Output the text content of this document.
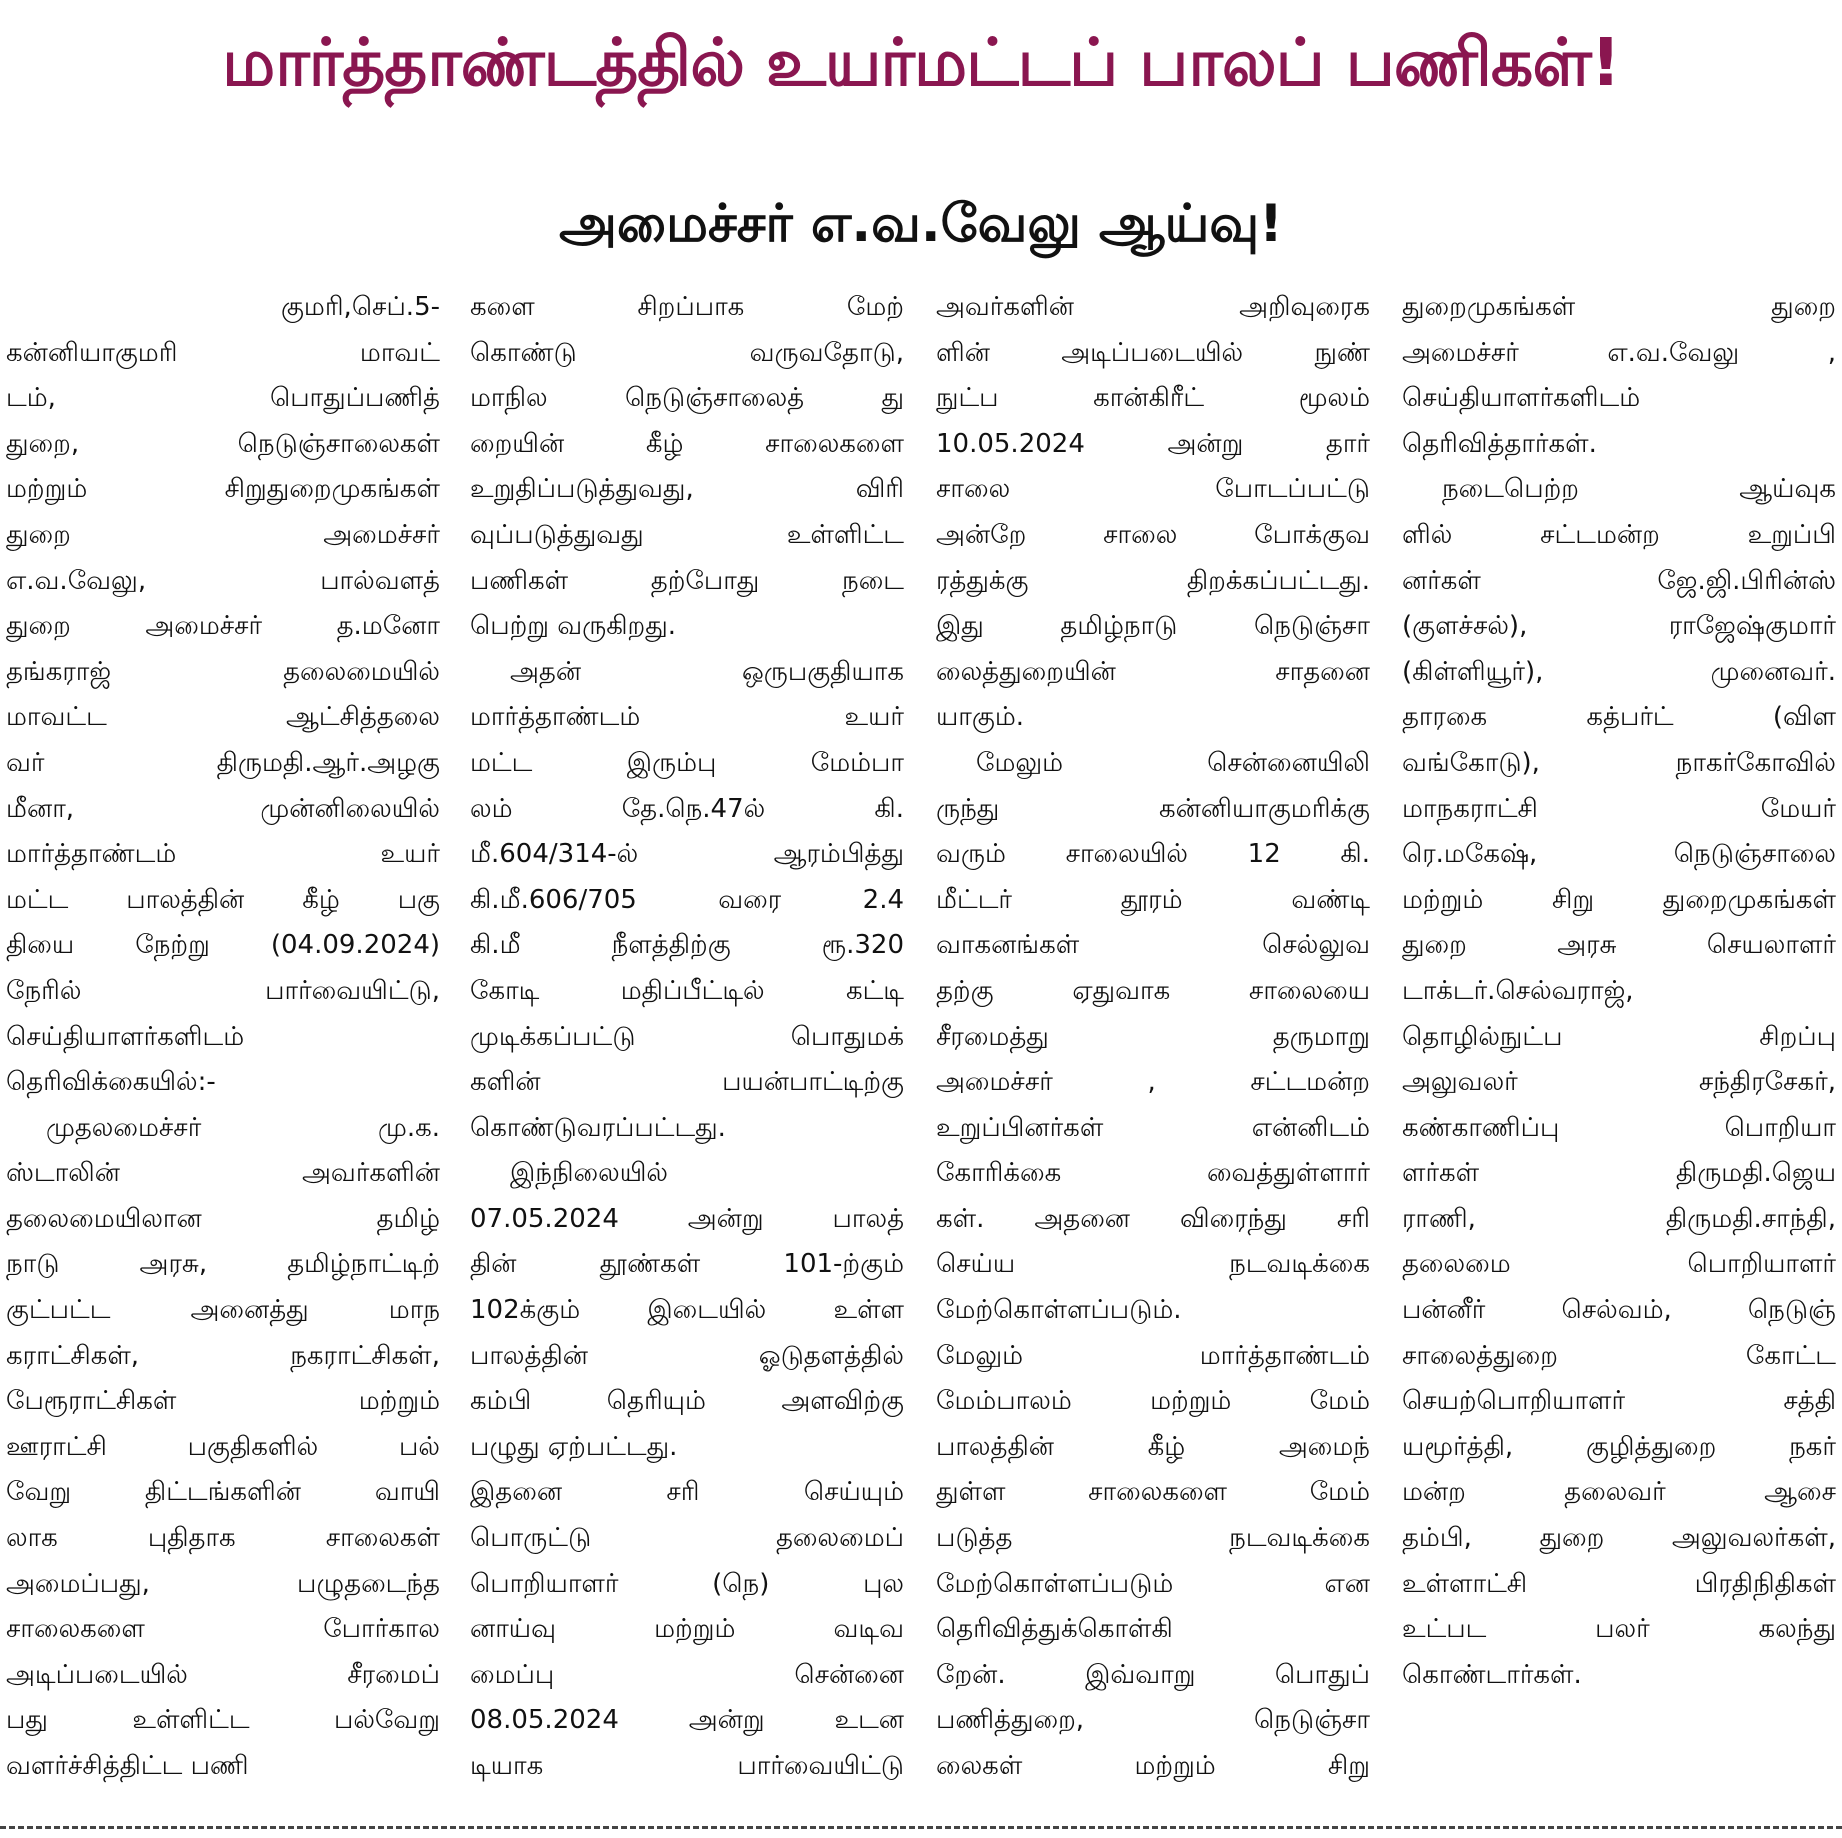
மார்த்தாண்டத்தில் உயர்மட்டப் பாலப் பணிகள்!
அமைச்சர் எ.வ.வேலு ஆய்வு!
குமரி,செப்.5-
கன்னியாகுமரி மாவட்
டம், பொதுப்பணித்
துறை, நெடுஞ்சாலைகள்
மற்றும் சிறுதுறைமுகங்கள்
துறை அமைச்சர்
எ.வ.வேலு, பால்வளத்
துறை அமைச்சர் த.மனோ
தங்கராஜ் தலைமையில்
மாவட்ட ஆட்சித்தலை
வர் திருமதி.ஆர்.அழகு
மீனா, முன்னிலையில்
மார்த்தாண்டம் உயர்
மட்ட பாலத்தின் கீழ் பகு
தியை நேற்று (04.09.2024)
நேரில் பார்வையிட்டு,
செய்தியாளர்களிடம்
தெரிவிக்கையில்:-
முதலமைச்சர் மு.க.
ஸ்டாலின் அவர்களின்
தலைமையிலான தமிழ்
நாடு அரசு, தமிழ்நாட்டிற்
குட்பட்ட அனைத்து மாந
கராட்சிகள், நகராட்சிகள்,
பேரூராட்சிகள் மற்றும்
ஊராட்சி பகுதிகளில் பல்
வேறு திட்டங்களின் வாயி
லாக புதிதாக சாலைகள்
அமைப்பது, பழுதடைந்த
சாலைகளை போர்கால
அடிப்படையில் சீரமைப்
பது உள்ளிட்ட பல்வேறு
வளர்ச்சித்திட்ட பணி
களை சிறப்பாக மேற்
கொண்டு வருவதோடு,
மாநில நெடுஞ்சாலைத் து
றையின் கீழ் சாலைகளை
உறுதிப்படுத்துவது, விரி
வுப்படுத்துவது உள்ளிட்ட
பணிகள் தற்போது நடை
பெற்று வருகிறது.
அதன் ஒருபகுதியாக
மார்த்தாண்டம் உயர்
மட்ட இரும்பு மேம்பா
லம் தே.நெ.47ல் கி.
மீ.604/314-ல் ஆரம்பித்து
கி.மீ.606/705 வரை 2.4
கி.மீ நீளத்திற்கு ரூ.320
கோடி மதிப்பீட்டில் கட்டி
முடிக்கப்பட்டு பொதுமக்
களின் பயன்பாட்டிற்கு
கொண்டுவரப்பட்டது.
இந்நிலையில்
07.05.2024 அன்று பாலத்
தின் தூண்கள் 101-ற்கும்
102க்கும் இடையில் உள்ள
பாலத்தின் ஓடுதளத்தில்
கம்பி தெரியும் அளவிற்கு
பழுது ஏற்பட்டது.
இதனை சரி செய்யும்
பொருட்டு தலைமைப்
பொறியாளர் (நெ) புல
னாய்வு மற்றும் வடிவ
மைப்பு சென்னை
08.05.2024 அன்று உடன
டியாக பார்வையிட்டு
அவர்களின் அறிவுரைக
ளின் அடிப்படையில் நுண்
நுட்ப கான்கிரீட் மூலம்
10.05.2024 அன்று தார்
சாலை போடப்பட்டு
அன்றே சாலை போக்குவ
ரத்துக்கு திறக்கப்பட்டது.
இது தமிழ்நாடு நெடுஞ்சா
லைத்துறையின் சாதனை
யாகும்.
மேலும் சென்னையிலி
ருந்து கன்னியாகுமரிக்கு
வரும் சாலையில் 12 கி.
மீட்டர் தூரம் வண்டி
வாகனங்கள் செல்லுவ
தற்கு ஏதுவாக சாலையை
சீரமைத்து தருமாறு
அமைச்சர் , சட்டமன்ற
உறுப்பினர்கள் என்னிடம்
கோரிக்கை வைத்துள்ளார்
கள். அதனை விரைந்து சரி
செய்ய நடவடிக்கை
மேற்கொள்ளப்படும்.
மேலும் மார்த்தாண்டம்
மேம்பாலம் மற்றும் மேம்
பாலத்தின் கீழ் அமைந்
துள்ள சாலைகளை மேம்
படுத்த நடவடிக்கை
மேற்கொள்ளப்படும் என
தெரிவித்துக்கொள்கி
றேன். இவ்வாறு பொதுப்
பணித்துறை, நெடுஞ்சா
லைகள் மற்றும் சிறு
துறைமுகங்கள் துறை
அமைச்சர் எ.வ.வேலு ,
செய்தியாளர்களிடம்
தெரிவித்தார்கள்.
நடைபெற்ற ஆய்வுக
ளில் சட்டமன்ற உறுப்பி
னர்கள் ஜே.ஜி.பிரின்ஸ்
(குளச்சல்), ராஜேஷ்குமார்
(கிள்ளியூர்), முனைவர்.
தாரகை கத்பர்ட் (விள
வங்கோடு), நாகர்கோவில்
மாநகராட்சி மேயர்
ரெ.மகேஷ், நெடுஞ்சாலை
மற்றும் சிறு துறைமுகங்கள்
துறை அரசு செயலாளர்
டாக்டர்.செல்வராஜ்,
தொழில்நுட்ப சிறப்பு
அலுவலர் சந்திரசேகர்,
கண்காணிப்பு பொறியா
ளர்கள் திருமதி.ஜெய
ராணி, திருமதி.சாந்தி,
தலைமை பொறியாளர்
பன்னீர் செல்வம், நெடுஞ்
சாலைத்துறை கோட்ட
செயற்பொறியாளர் சத்தி
யமூர்த்தி, குழித்துறை நகர்
மன்ற தலைவர் ஆசை
தம்பி, துறை அலுவலர்கள்,
உள்ளாட்சி பிரதிநிதிகள்
உட்பட பலர் கலந்து
கொண்டார்கள்.
